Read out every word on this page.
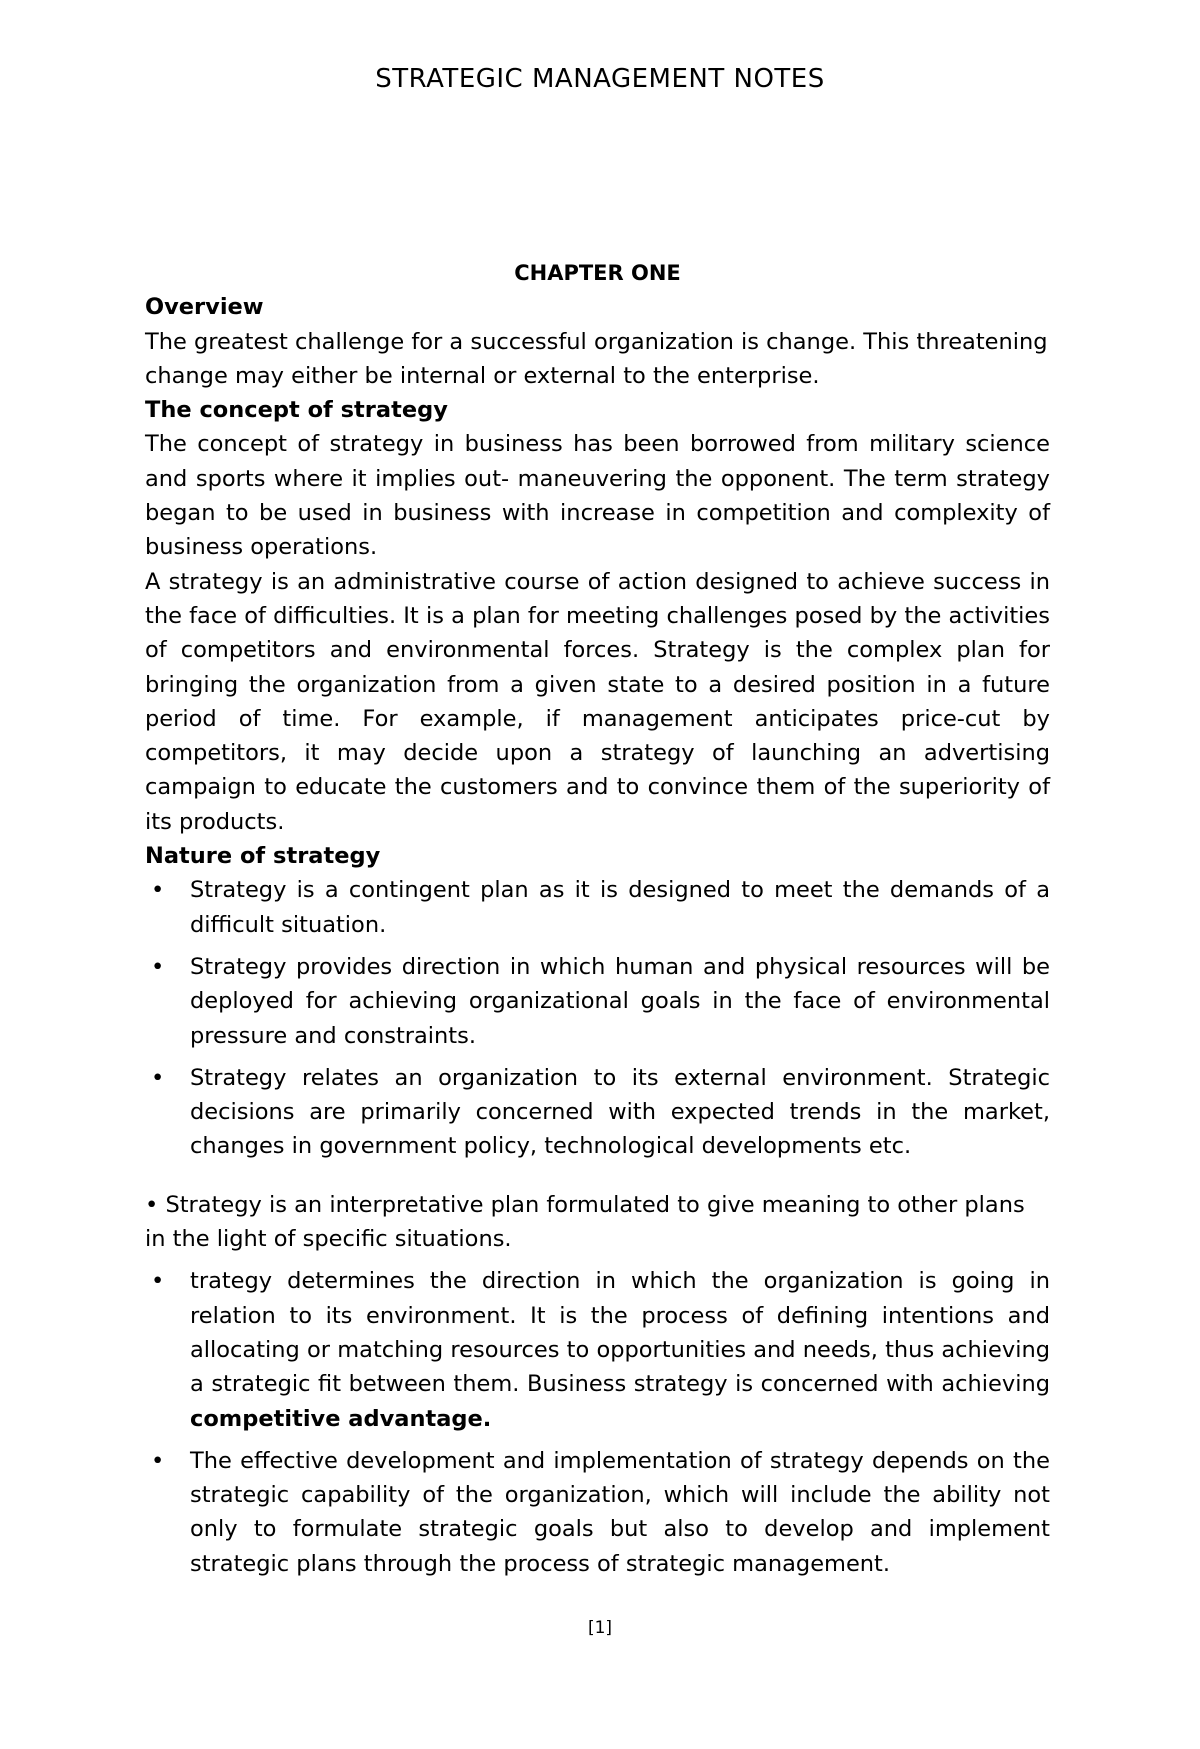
STRATEGIC MANAGEMENT NOTES
CHAPTER ONE
Overview

The greatest challenge for a successful organization is change. This threatening change may either be internal or external to the enterprise.

The concept of strategy

The concept of strategy in business has been borrowed from military science and sports where it implies out- maneuvering the opponent. The term strategy began to be used in business with increase in competition and complexity of business operations.

A strategy is an administrative course of action designed to achieve success in the face of difficulties. It is a plan for meeting challenges posed by the activities of competitors and environmental forces. Strategy is the complex plan for bringing the organization from a given state to a desired position in a future period of time. For example, if management anticipates price-cut by competitors, it may decide upon a strategy of launching an advertising campaign to educate the customers and to convince them of the superiority of its products.

Nature of strategy
• Strategy is a contingent plan as it is designed to meet the demands of a difficult situation.
• Strategy provides direction in which human and physical resources will be deployed for achieving organizational goals in the face of environmental pressure and constraints.
• Strategy relates an organization to its external environment. Strategic decisions are primarily concerned with expected trends in the market, changes in government policy, technological developments etc.

• Strategy is an interpretative plan formulated to give meaning to other plans in the light of specific situations.

• trategy determines the direction in which the organization is going in relation to its environment. It is the process of defining intentions and allocating or matching resources to opportunities and needs, thus achieving a strategic fit between them. Business strategy is concerned with achieving competitive advantage.
• The effective development and implementation of strategy depends on the strategic capability of the organization, which will include the ability not only to formulate strategic goals but also to develop and implement strategic plans through the process of strategic management.
[1]
